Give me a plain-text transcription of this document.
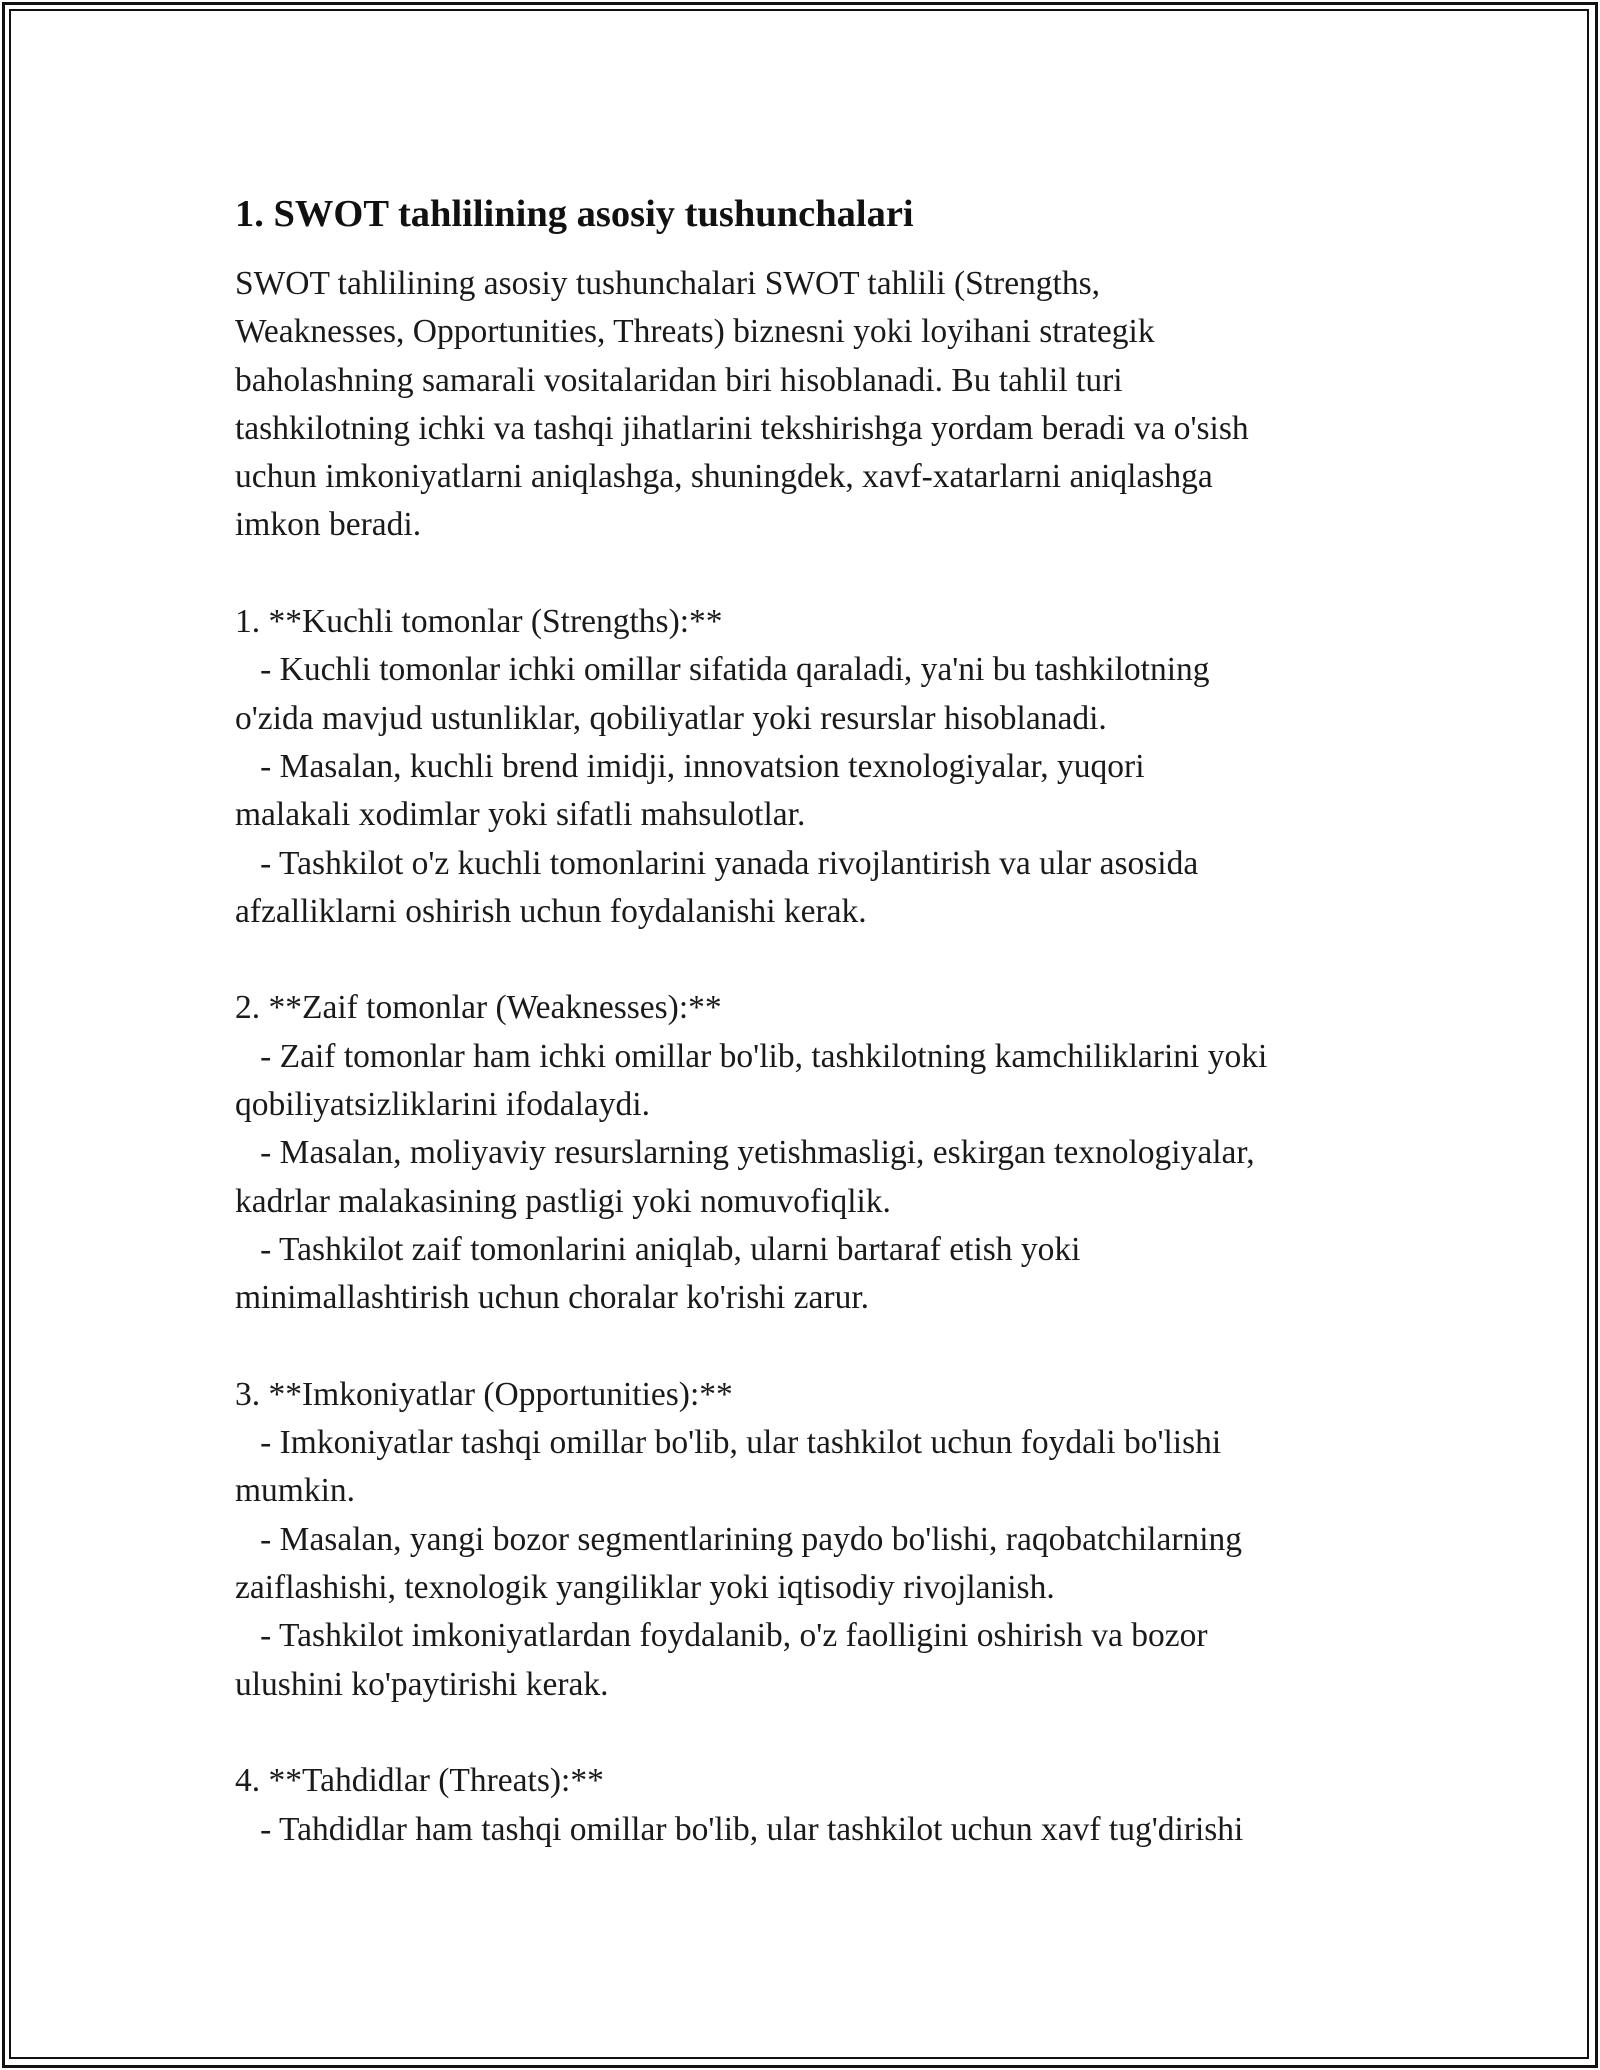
1. SWOT tahlilining asosiy tushunchalari
SWOT tahlilining asosiy tushunchalari SWOT tahlili (Strengths,
Weaknesses, Opportunities, Threats) biznesni yoki loyihani strategik
baholashning samarali vositalaridan biri hisoblanadi. Bu tahlil turi
tashkilotning ichki va tashqi jihatlarini tekshirishga yordam beradi va o'sish
uchun imkoniyatlarni aniqlashga, shuningdek, xavf-xatarlarni aniqlashga
imkon beradi.
1. **Kuchli tomonlar (Strengths):**
- Kuchli tomonlar ichki omillar sifatida qaraladi, ya'ni bu tashkilotning
o'zida mavjud ustunliklar, qobiliyatlar yoki resurslar hisoblanadi.
- Masalan, kuchli brend imidji, innovatsion texnologiyalar, yuqori
malakali xodimlar yoki sifatli mahsulotlar.
- Tashkilot o'z kuchli tomonlarini yanada rivojlantirish va ular asosida
afzalliklarni oshirish uchun foydalanishi kerak.
2. **Zaif tomonlar (Weaknesses):**
- Zaif tomonlar ham ichki omillar bo'lib, tashkilotning kamchiliklarini yoki
qobiliyatsizliklarini ifodalaydi.
- Masalan, moliyaviy resurslarning yetishmasligi, eskirgan texnologiyalar,
kadrlar malakasining pastligi yoki nomuvofiqlik.
- Tashkilot zaif tomonlarini aniqlab, ularni bartaraf etish yoki
minimallashtirish uchun choralar ko'rishi zarur.
3. **Imkoniyatlar (Opportunities):**
- Imkoniyatlar tashqi omillar bo'lib, ular tashkilot uchun foydali bo'lishi
mumkin.
- Masalan, yangi bozor segmentlarining paydo bo'lishi, raqobatchilarning
zaiflashishi, texnologik yangiliklar yoki iqtisodiy rivojlanish.
- Tashkilot imkoniyatlardan foydalanib, o'z faolligini oshirish va bozor
ulushini ko'paytirishi kerak.
4. **Tahdidlar (Threats):**
- Tahdidlar ham tashqi omillar bo'lib, ular tashkilot uchun xavf tug'dirishi
